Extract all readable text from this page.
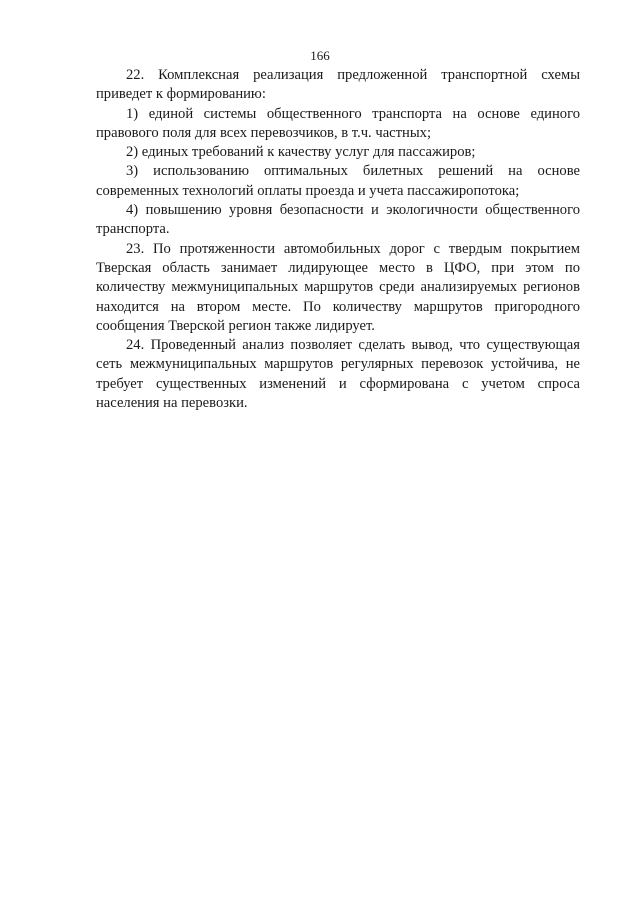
166

22. Комплексная реализация предложенной транспортной схемы приведет к формированию:

1) единой системы общественного транспорта на основе единого правового поля для всех перевозчиков, в т.ч. частных;

2) единых требований к качеству услуг для пассажиров;

3) использованию оптимальных билетных решений на основе современных технологий оплаты проезда и учета пассажиропотока;

4) повышению уровня безопасности и экологичности общественного транспорта.

23. По протяженности автомобильных дорог с твердым покрытием Тверская область занимает лидирующее место в ЦФО, при этом по количеству межмуниципальных маршрутов среди анализируемых регионов находится на втором месте. По количеству маршрутов пригородного сообщения Тверской регион также лидирует.

24. Проведенный анализ позволяет сделать вывод, что существующая сеть межмуниципальных маршрутов регулярных перевозок устойчива, не требует существенных изменений и сформирована с учетом спроса населения на перевозки.
